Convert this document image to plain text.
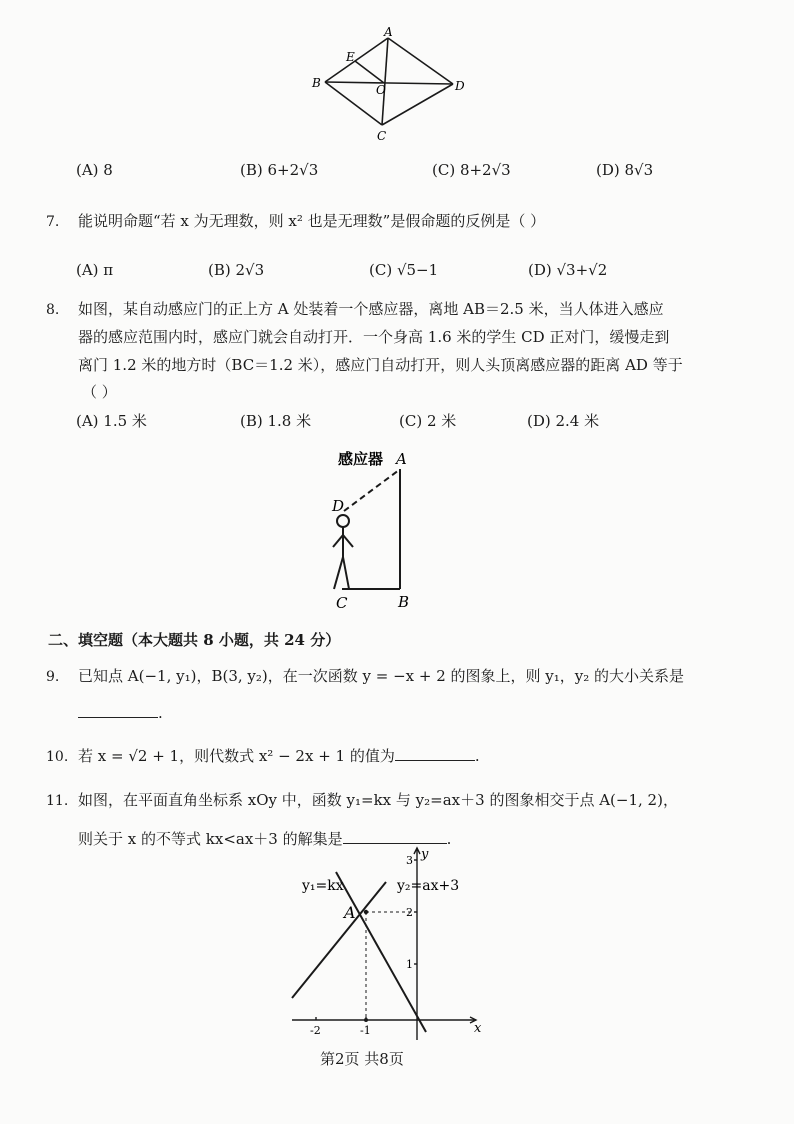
A
B
C
D
E
O
(A) 8	(B) 6+2√3	(C) 8+2√3	(D) 8√3
7. 能说明命题“若 x 为无理数，则 x² 也是无理数”是假命题的反例是（ ）
(A) π	(B) 2√3	(C) √5−1	(D) √3+√2
8. 如图，某自动感应门的正上方 A 处装着一个感应器，离地 AB＝2.5 米，当人体进入感应
器的感应范围内时，感应门就会自动打开．一个身高 1.6 米的学生 CD 正对门，缓慢走到
离门 1.2 米的地方时（BC＝1.2 米），感应门自动打开，则人头顶离感应器的距离 AD 等于
（ ）
(A) 1.5 米	(B) 1.8 米	(C) 2 米	(D) 2.4 米
感应器 A
B
C
D
二、填空题（本大题共 8 小题，共 24 分）
9. 已知点 A(−1, y₁)，B(3, y₂)，在一次函数 y = −x + 2 的图象上，则 y₁，y₂ 的大小关系是
.
10. 若 x = √2 + 1，则代数式 x² − 2x + 1 的值为	.
11. 如图，在平面直角坐标系 xOy 中，函数 y₁=kx 与 y₂=ax＋3 的图象相交于点 A(−1, 2)，
则关于 x 的不等式 kx<ax＋3 的解集是	.
y₁=kx	y₂=ax+3
A
x
y
-2	-1
1
2
3
第2页 共8页
